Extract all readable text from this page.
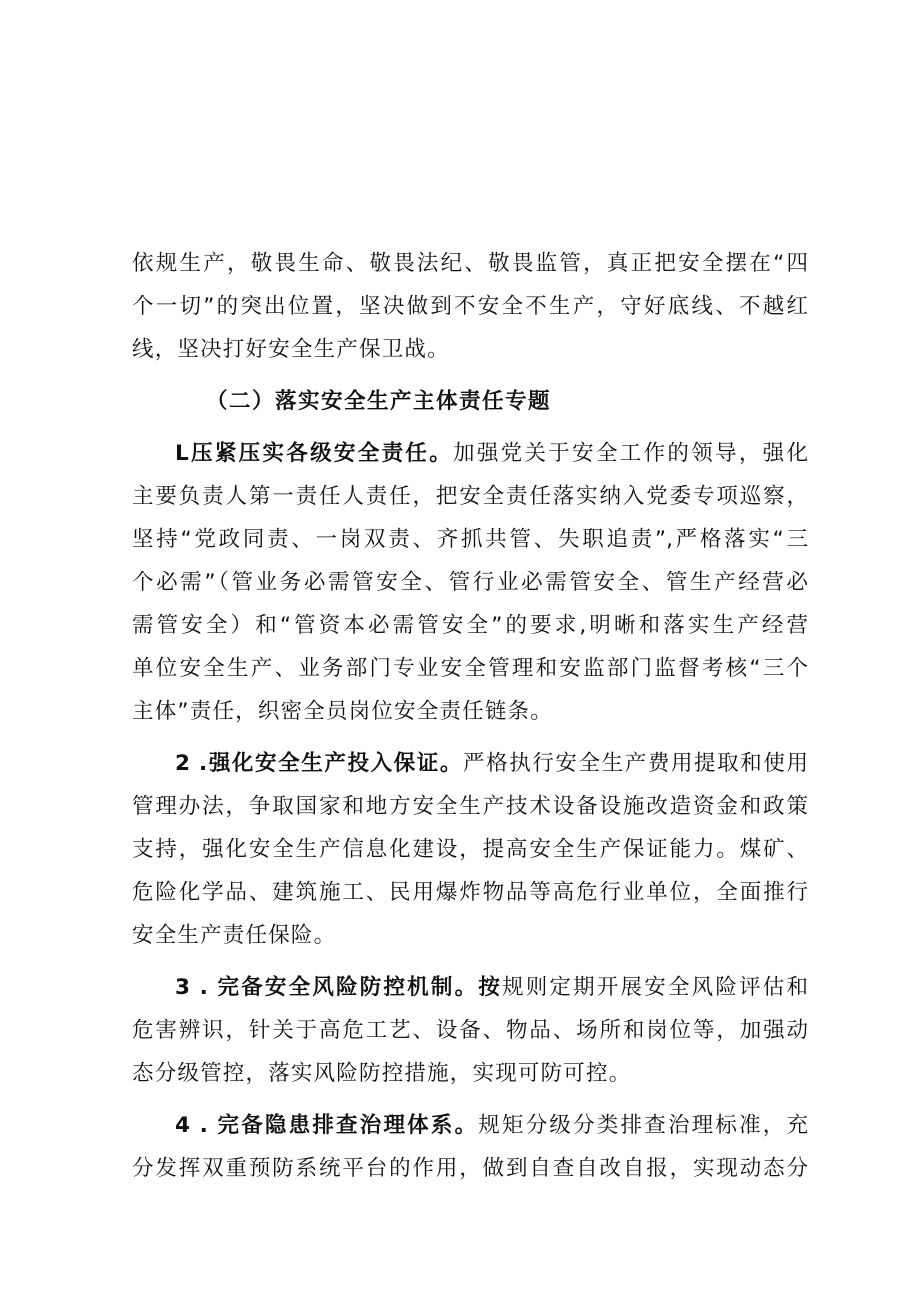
依规生产，敬畏生命、敬畏法纪、敬畏监管，真正把安全摆在“四
个一切”的突出位置，坚决做到不安全不生产，守好底线、不越红
线，坚决打好安全生产保卫战。
（二）落实安全生产主体责任专题
L压紧压实各级安全责任。加强党关于安全工作的领导，强化
主要负责人第一责任人责任，把安全责任落实纳入党委专项巡察，
坚持“党政同责、一岗双责、齐抓共管、失职追责”,严格落实“三
个必需”（管业务必需管安全、管行业必需管安全、管生产经营必
需管安全）和“管资本必需管安全”的要求,明晰和落实生产经营
单位安全生产、业务部门专业安全管理和安监部门监督考核“三个
主体”责任，织密全员岗位安全责任链条。
2 .强化安全生产投入保证。严格执行安全生产费用提取和使用
管理办法，争取国家和地方安全生产技术设备设施改造资金和政策
支持，强化安全生产信息化建设，提高安全生产保证能力。煤矿、
危险化学品、建筑施工、民用爆炸物品等高危行业单位，全面推行
安全生产责任保险。
3 . 完备安全风险防控机制。按规则定期开展安全风险评估和
危害辨识，针关于高危工艺、设备、物品、场所和岗位等，加强动
态分级管控，落实风险防控措施，实现可防可控。
4 . 完备隐患排查治理体系。规矩分级分类排查治理标准，充
分发挥双重预防系统平台的作用，做到自查自改自报，实现动态分
